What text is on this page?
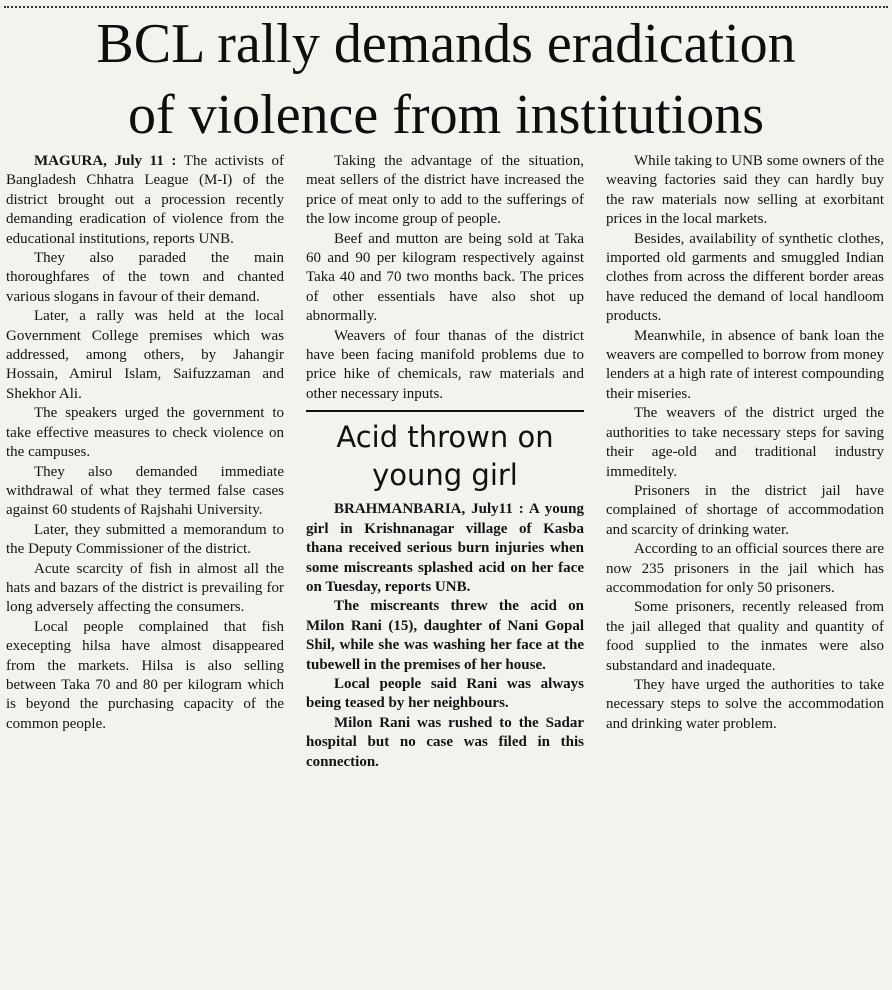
BCL rally demands eradication
of violence from institutions

MAGURA, July 11 : The activists of Bangladesh Chhatra League (M-I) of the district brought out a procession recently demanding eradication of violence from the educational institutions, reports UNB.

They also paraded the main thoroughfares of the town and chanted various slogans in favour of their demand.

Later, a rally was held at the local Government College premises which was addressed, among others, by Jahangir Hossain, Amirul Islam, Saifuzzaman and Shekhor Ali.

The speakers urged the government to take effective measures to check violence on the campuses.

They also demanded immediate withdrawal of what they termed false cases against 60 students of Rajshahi University.

Later, they submitted a memorandum to the Deputy Commissioner of the district.

Acute scarcity of fish in almost all the hats and bazars of the district is prevailing for long adversely affecting the consumers.

Local people complained that fish execepting hilsa have almost disappeared from the markets. Hilsa is also selling between Taka 70 and 80 per kilogram which is beyond the purchasing capacity of the common people.

Taking the advantage of the situation, meat sellers of the district have increased the price of meat only to add to the sufferings of the low income group of people.

Beef and mutton are being sold at Taka 60 and 90 per kilogram respectively against Taka 40 and 70 two months back. The prices of other essentials have also shot up abnormally.

Weavers of four thanas of the district have been facing manifold problems due to price hike of chemicals, raw materials and other necessary inputs.

Acid thrown on
young girl

BRAHMANBARIA, July11 : A young girl in Krishnanagar village of Kasba thana received serious burn injuries when some miscreants splashed acid on her face on Tuesday, reports UNB.

The miscreants threw the acid on Milon Rani (15), daughter of Nani Gopal Shil, while she was washing her face at the tubewell in the premises of her house.

Local people said Rani was always being teased by her neighbours.

Milon Rani was rushed to the Sadar hospital but no case was filed in this connection.

While taking to UNB some owners of the weaving factories said they can hardly buy the raw materials now selling at exorbitant prices in the local markets.

Besides, availability of synthetic clothes, imported old garments and smuggled Indian clothes from across the different border areas have reduced the demand of local handloom products.

Meanwhile, in absence of bank loan the weavers are compelled to borrow from money lenders at a high rate of interest compounding their miseries.

The weavers of the district urged the authorities to take necessary steps for saving their age-old and traditional industry immeditely.

Prisoners in the district jail have complained of shortage of accommodation and scarcity of drinking water.

According to an official sources there are now 235 prisoners in the jail which has accommodation for only 50 prisoners.

Some prisoners, recently released from the jail alleged that quality and quantity of food supplied to the inmates were also substandard and inadequate.

They have urged the authorities to take necessary steps to solve the accommodation and drinking water problem.
